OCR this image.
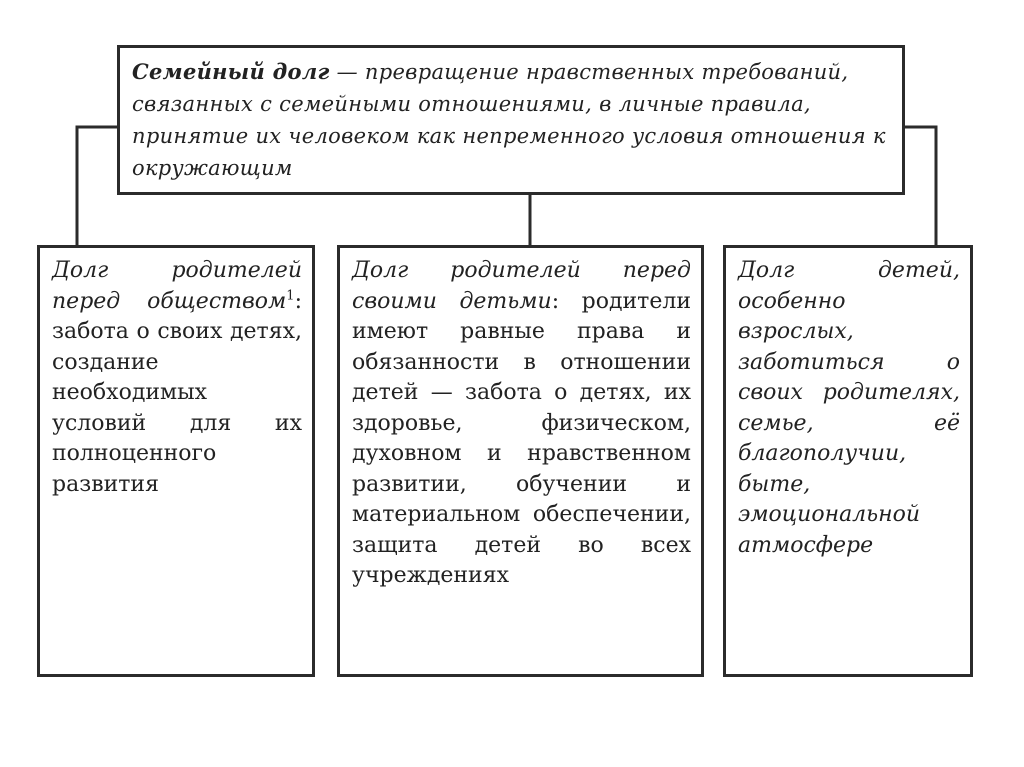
Семейный долг — превращение нравственных требований, связанных с семейными отношениями, в личные правила, принятие их человеком как непременного условия отношения к окружающим

Долг родителей перед обществом$^1$: забота о своих детях, создание необходимых условий для их полноценного развития

Долг родителей перед своими детьми: родители имеют равные права и обязанности в отношении детей — забота о детях, их здоровье, физическом, духовном и нравственном развитии, обучении и материальном обеспечении, защита детей во всех учреждениях

Долг детей, особенно взрослых, заботиться о своих родителях, семье, её благополучии, быте, эмоциональной атмосфере
